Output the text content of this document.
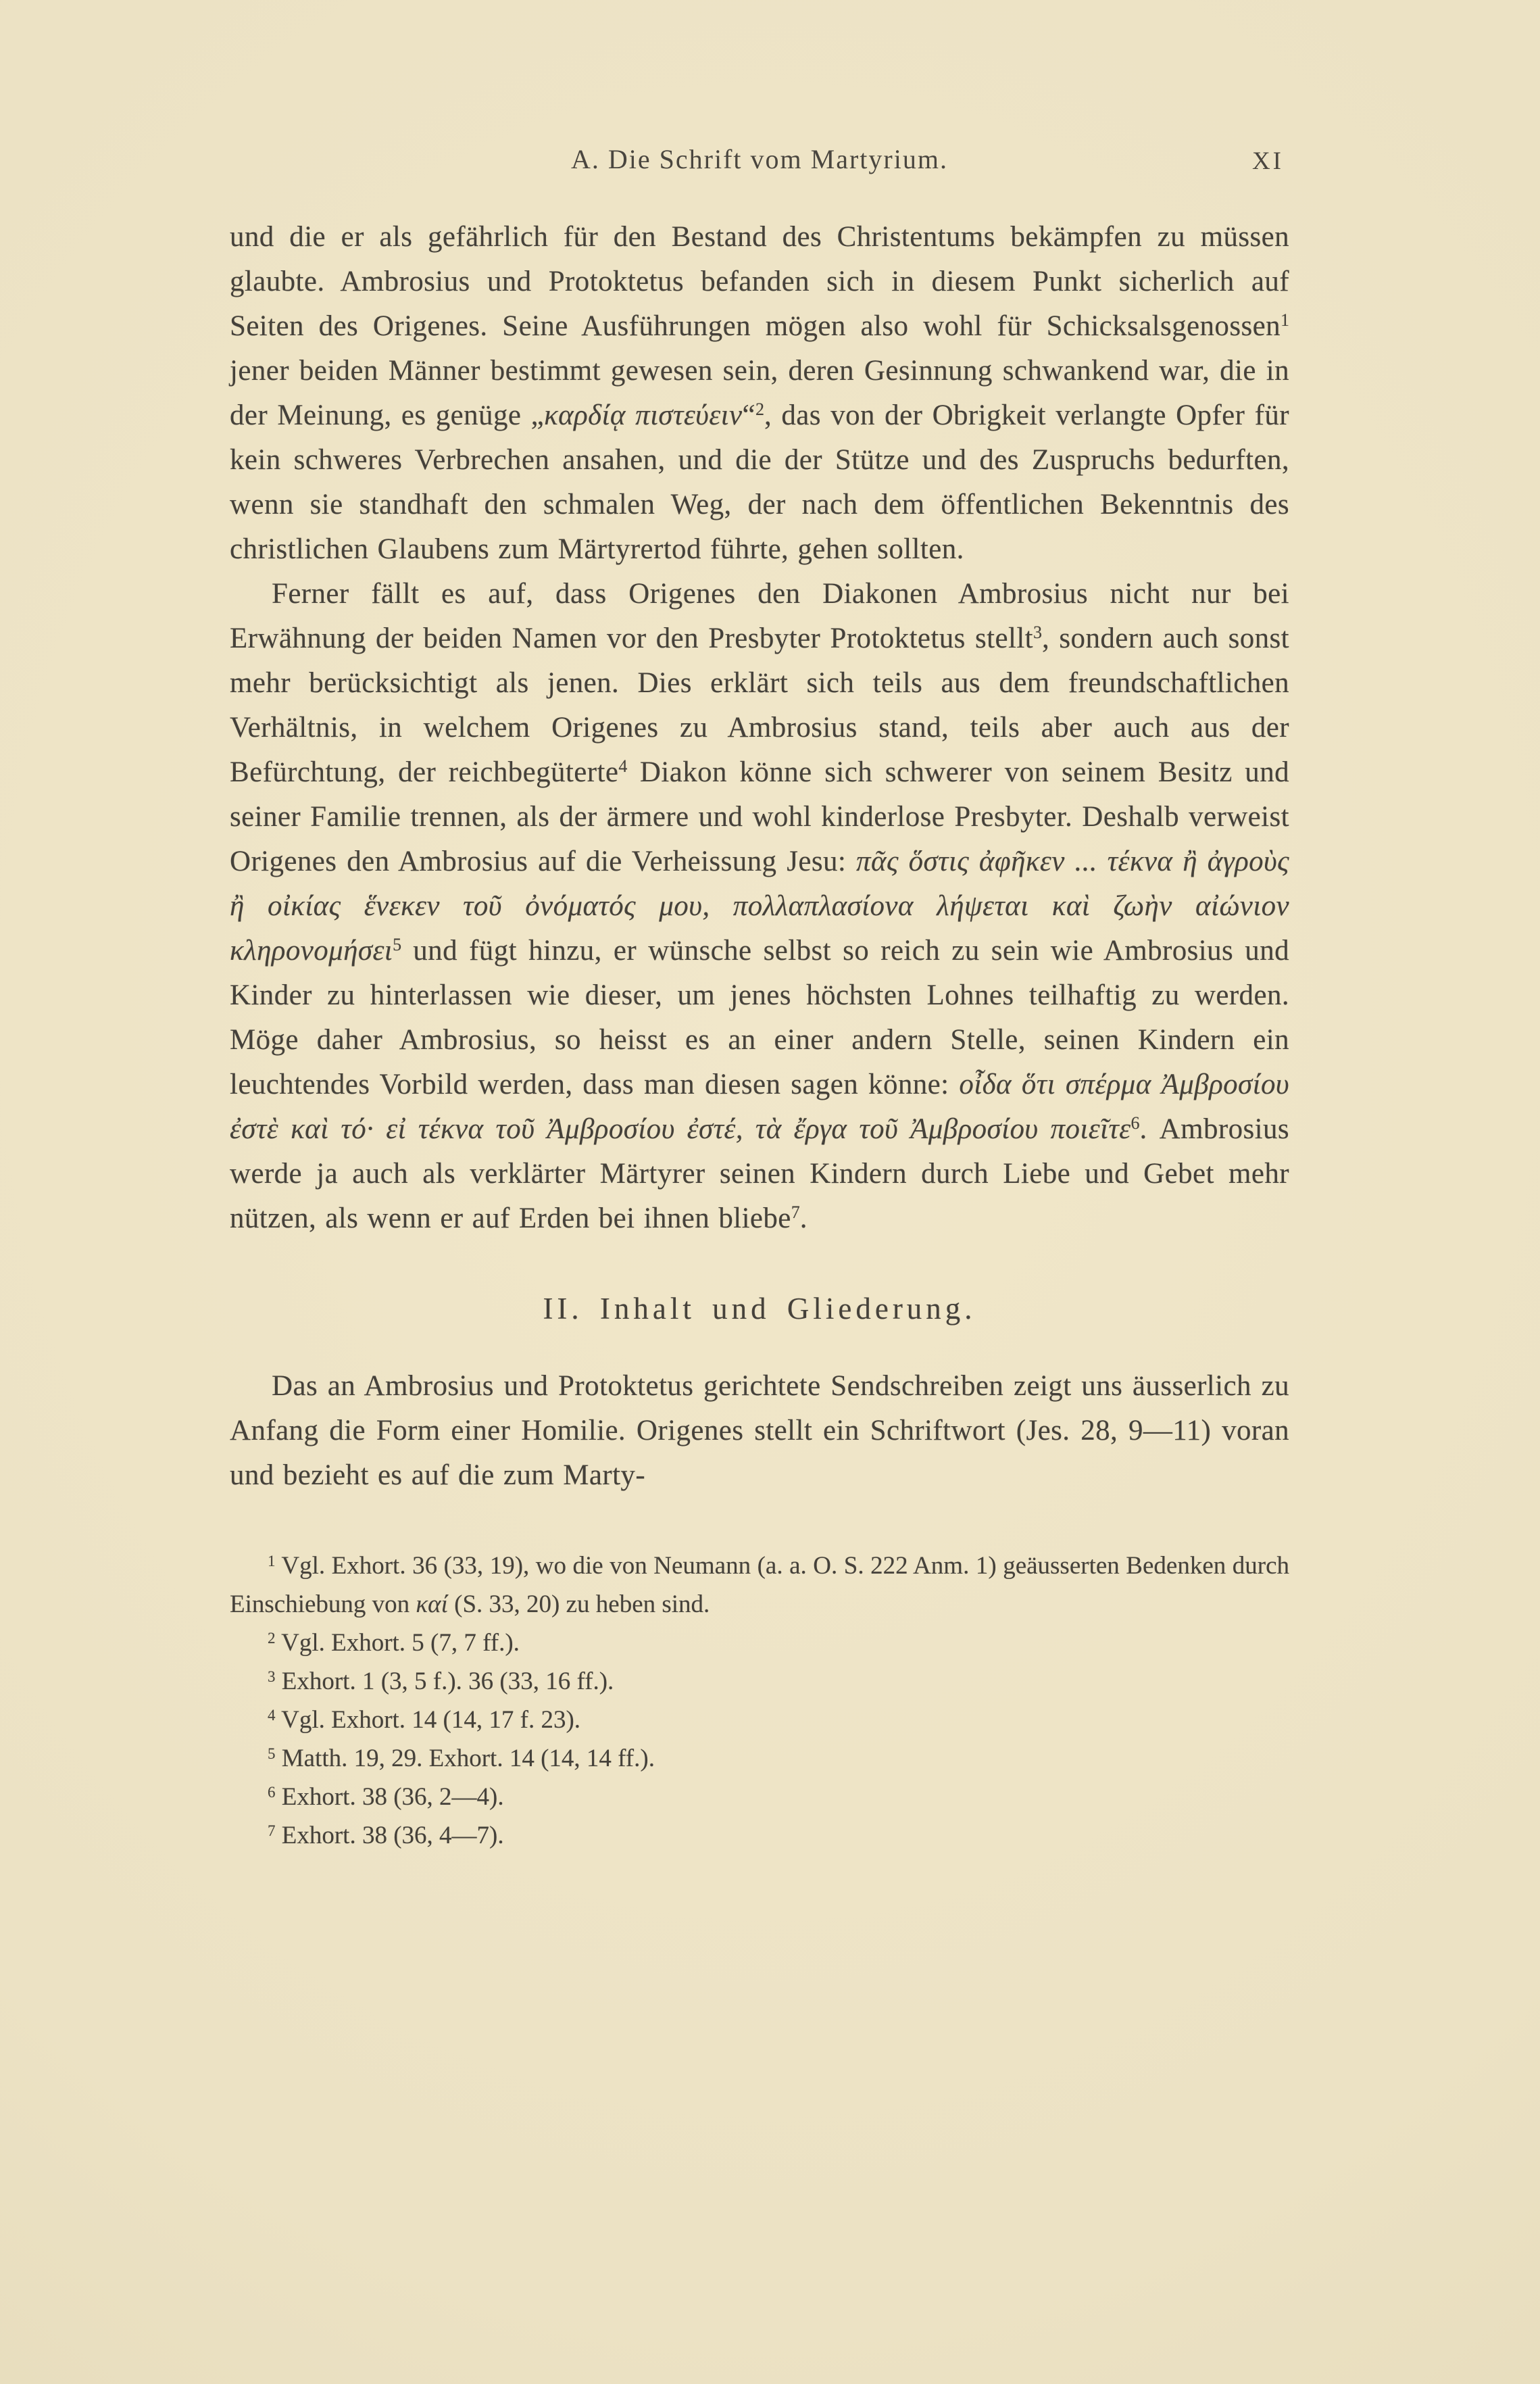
A. Die Schrift vom Martyrium.	XI

und die er als gefährlich für den Bestand des Christentums bekämpfen zu müssen glaubte. Ambrosius und Protoktetus befanden sich in diesem Punkt sicherlich auf Seiten des Origenes. Seine Ausführungen mögen also wohl für Schicksalsgenossen$^1$ jener beiden Männer bestimmt gewesen sein, deren Gesinnung schwankend war, die in der Meinung, es genüge „καρδίᾳ πιστεύειν“$^2$, das von der Obrigkeit verlangte Opfer für kein schweres Verbrechen ansahen, und die der Stütze und des Zuspruchs bedurften, wenn sie standhaft den schmalen Weg, der nach dem öffentlichen Bekenntnis des christlichen Glaubens zum Märtyrertod führte, gehen sollten.

Ferner fällt es auf, dass Origenes den Diakonen Ambrosius nicht nur bei Erwähnung der beiden Namen vor den Presbyter Protoktetus stellt$^3$, sondern auch sonst mehr berücksichtigt als jenen. Dies erklärt sich teils aus dem freundschaftlichen Verhältnis, in welchem Origenes zu Ambrosius stand, teils aber auch aus der Befürchtung, der reichbegüterte$^4$ Diakon könne sich schwerer von seinem Besitz und seiner Familie trennen, als der ärmere und wohl kinderlose Presbyter. Deshalb verweist Origenes den Ambrosius auf die Verheissung Jesu: πᾶς ὅστις ἀφῆκεν ... τέκνα ἢ ἀγροὺς ἢ οἰκίας ἕνεκεν τοῦ ὀνόματός μου, πολλαπλασίονα λήψεται καὶ ζωὴν αἰώνιον κληρονομήσει$^5$ und fügt hinzu, er wünsche selbst so reich zu sein wie Ambrosius und Kinder zu hinterlassen wie dieser, um jenes höchsten Lohnes teilhaftig zu werden. Möge daher Ambrosius, so heisst es an einer andern Stelle, seinen Kindern ein leuchtendes Vorbild werden, dass man diesen sagen könne: οἶδα ὅτι σπέρμα Ἀμβροσίου ἐστὲ καὶ τό· εἰ τέκνα τοῦ Ἀμβροσίου ἐστέ, τὰ ἔργα τοῦ Ἀμβροσίου ποιεῖτε$^6$. Ambrosius werde ja auch als verklärter Märtyrer seinen Kindern durch Liebe und Gebet mehr nützen, als wenn er auf Erden bei ihnen bliebe$^7$.

II. Inhalt und Gliederung.

Das an Ambrosius und Protoktetus gerichtete Sendschreiben zeigt uns äusserlich zu Anfang die Form einer Homilie. Origenes stellt ein Schriftwort (Jes. 28, 9—11) voran und bezieht es auf die zum Marty-

$^1$ Vgl. Exhort. 36 (33, 19), wo die von Neumann (a. a. O. S. 222 Anm. 1) geäusserten Bedenken durch Einschiebung von καί (S. 33, 20) zu heben sind.

$^2$ Vgl. Exhort. 5 (7, 7 ff.).

$^3$ Exhort. 1 (3, 5 f.). 36 (33, 16 ff.).

$^4$ Vgl. Exhort. 14 (14, 17 f. 23).

$^5$ Matth. 19, 29. Exhort. 14 (14, 14 ff.).

$^6$ Exhort. 38 (36, 2—4).

$^7$ Exhort. 38 (36, 4—7).
